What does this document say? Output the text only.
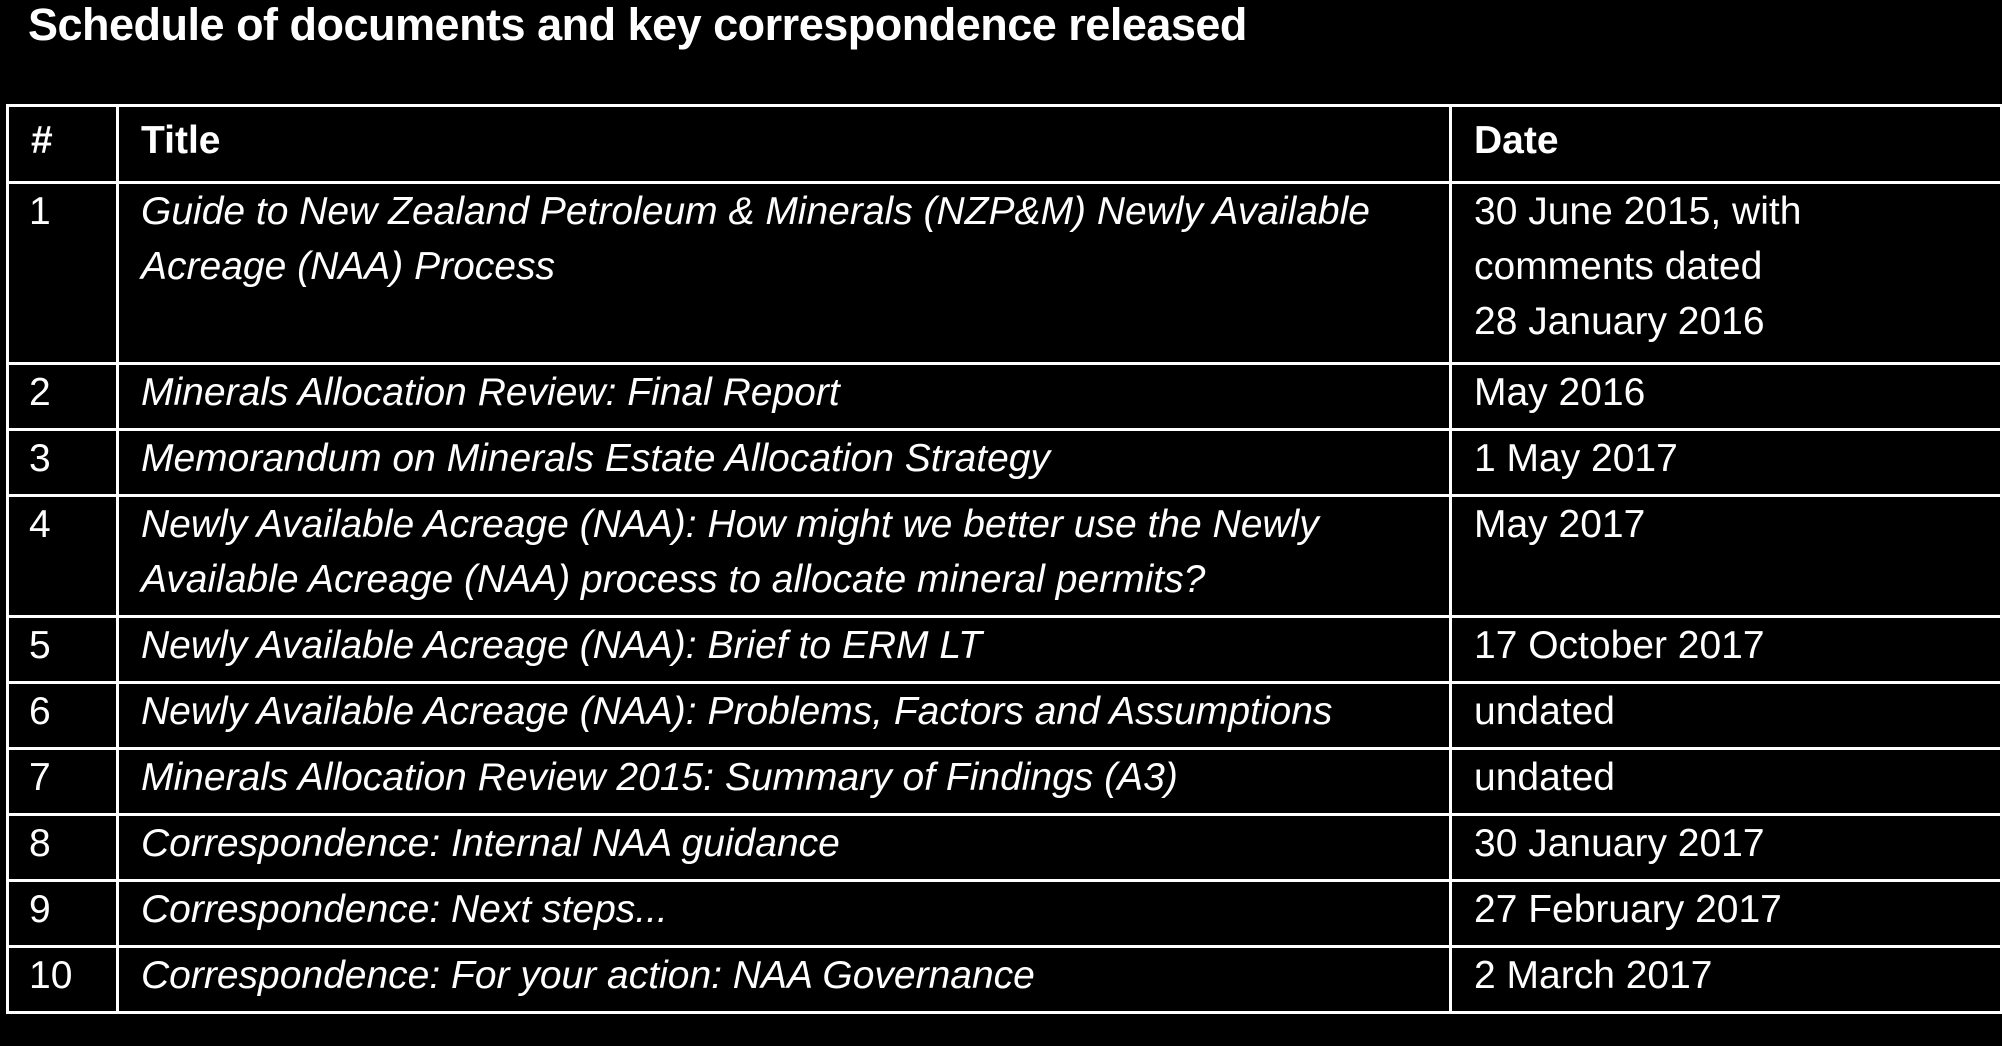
Schedule of documents and key correspondence released
#	Title	Date
1	Guide to New Zealand Petroleum & Minerals (NZP&M) Newly Available Acreage (NAA) Process	30 June 2015, with
comments dated
28 January 2016

2	Minerals Allocation Review: Final Report	May 2016
3	Memorandum on Minerals Estate Allocation Strategy	1 May 2017
4	Newly Available Acreage (NAA): How might we better use the Newly Available Acreage (NAA) process to allocate mineral permits?	May 2017
5	Newly Available Acreage (NAA): Brief to ERM LT	17 October 2017
6	Newly Available Acreage (NAA): Problems, Factors and Assumptions	undated
7	Minerals Allocation Review 2015: Summary of Findings (A3)	undated
8	Correspondence: Internal NAA guidance	30 January 2017
9	Correspondence: Next steps...	27 February 2017
10	Correspondence: For your action: NAA Governance	2 March 2017
